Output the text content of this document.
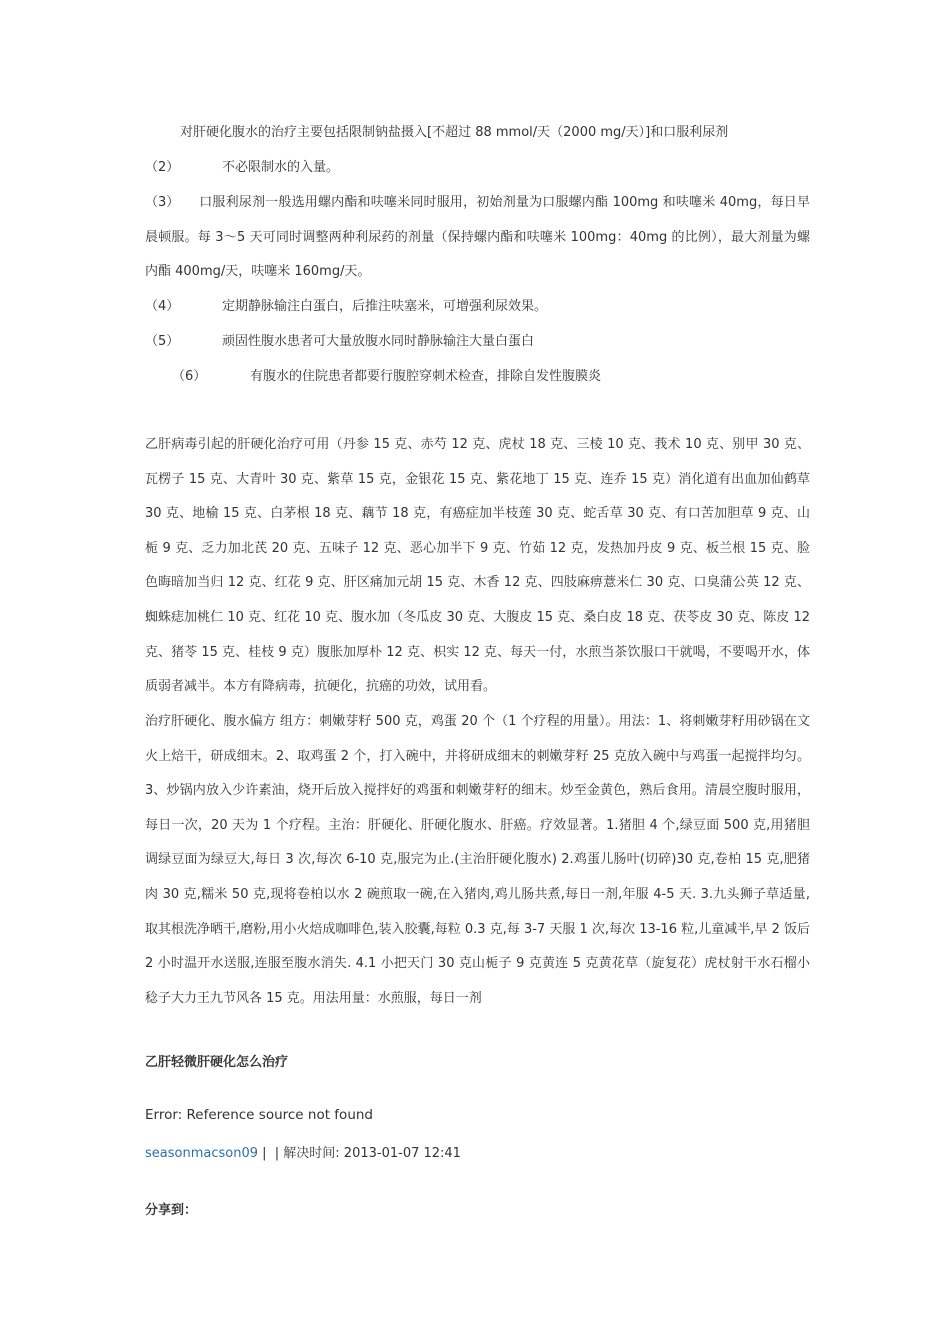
对肝硬化腹水的治疗主要包括限制钠盐摄入[不超过 88 mmol/天（2000 mg/天）]和口服利尿剂
（2）	不必限制水的入量。
（3） 口服利尿剂一般选用螺内酯和呋噻米同时服用，初始剂量为口服螺内酯 100mg 和呋噻米 40mg，每日早晨顿服。每 3～5 天可同时调整两种利尿药的剂量（保持螺内酯和呋噻米 100mg：40mg 的比例），最大剂量为螺内酯 400mg/天，呋噻米 160mg/天。
（4）	定期静脉输注白蛋白，后推注呋塞米，可增强利尿效果。
（5）	顽固性腹水患者可大量放腹水同时静脉输注大量白蛋白
（6）	有腹水的住院患者都要行腹腔穿刺术检查，排除自发性腹膜炎

乙肝病毒引起的肝硬化治疗可用（丹参 15 克、赤芍 12 克、虎杖 18 克、三棱 10 克、莪术 10 克、别甲 30 克、瓦楞子 15 克、大青叶 30 克、紫草 15 克，金银花 15 克、紫花地丁 15 克、连乔 15 克）消化道有出血加仙鹤草 30 克、地榆 15 克、白茅根 18 克、藕节 18 克，有癌症加半枝莲 30 克、蛇舌草 30 克、有口苦加胆草 9 克、山栀 9 克、乏力加北芪 20 克、五味子 12 克、恶心加半下 9 克、竹茹 12 克，发热加丹皮 9 克、板兰根 15 克、脸色晦暗加当归 12 克、红花 9 克、肝区痛加元胡 15 克、木香 12 克、四肢麻痹薏米仁 30 克、口臭蒲公英 12 克、蜘蛛痣加桃仁 10 克、红花 10 克、腹水加（冬瓜皮 30 克、大腹皮 15 克、桑白皮 18 克、茯苓皮 30 克、陈皮 12 克、猪苓 15 克、桂枝 9 克）腹胀加厚朴 12 克、枳实 12 克、每天一付，水煎当茶饮服口干就喝，不要喝开水，体质弱者减半。本方有降病毒，抗硬化，抗癌的功效，试用看。

治疗肝硬化、腹水偏方 组方：刺嫩芽籽 500 克，鸡蛋 20 个（1 个疗程的用量）。用法：1、将刺嫩芽籽用砂锅在文火上焙干，研成细末。2、取鸡蛋 2 个，打入碗中，并将研成细末的刺嫩芽籽 25 克放入碗中与鸡蛋一起搅拌均匀。3、炒锅内放入少许素油，烧开后放入搅拌好的鸡蛋和刺嫩芽籽的细末。炒至金黄色，熟后食用。清晨空腹时服用，每日一次，20 天为 1 个疗程。主治：肝硬化、肝硬化腹水、肝癌。疗效显著。1.猪胆 4 个,绿豆面 500 克,用猪胆调绿豆面为绿豆大,每日 3 次,每次 6-10 克,服完为止.(主治肝硬化腹水) 2.鸡蛋儿肠叶(切碎)30 克,卷柏 15 克,肥猪肉 30 克,糯米 50 克,现将卷柏以水 2 碗煎取一碗,在入猪肉,鸡儿肠共煮,每日一剂,年服 4-5 天. 3.九头狮子草适量,取其根洗净晒干,磨粉,用小火焙成咖啡色,装入胶囊,每粒 0.3 克,每 3-7 天服 1 次,每次 13-16 粒,儿童减半,早 2 饭后 2 小时温开水送服,连服至腹水消失. 4.1 小把天门 30 克山栀子 9 克黄连 5 克黄花草（旋复花）虎杖射干水石榴小稔子大力王九节风各 15 克。用法用量：水煎服，每日一剂

乙肝轻微肝硬化怎么治疗
Error: Reference source not found
seasonmacson09 |  | 解决时间: 2013-01-07 12:41
分享到：
